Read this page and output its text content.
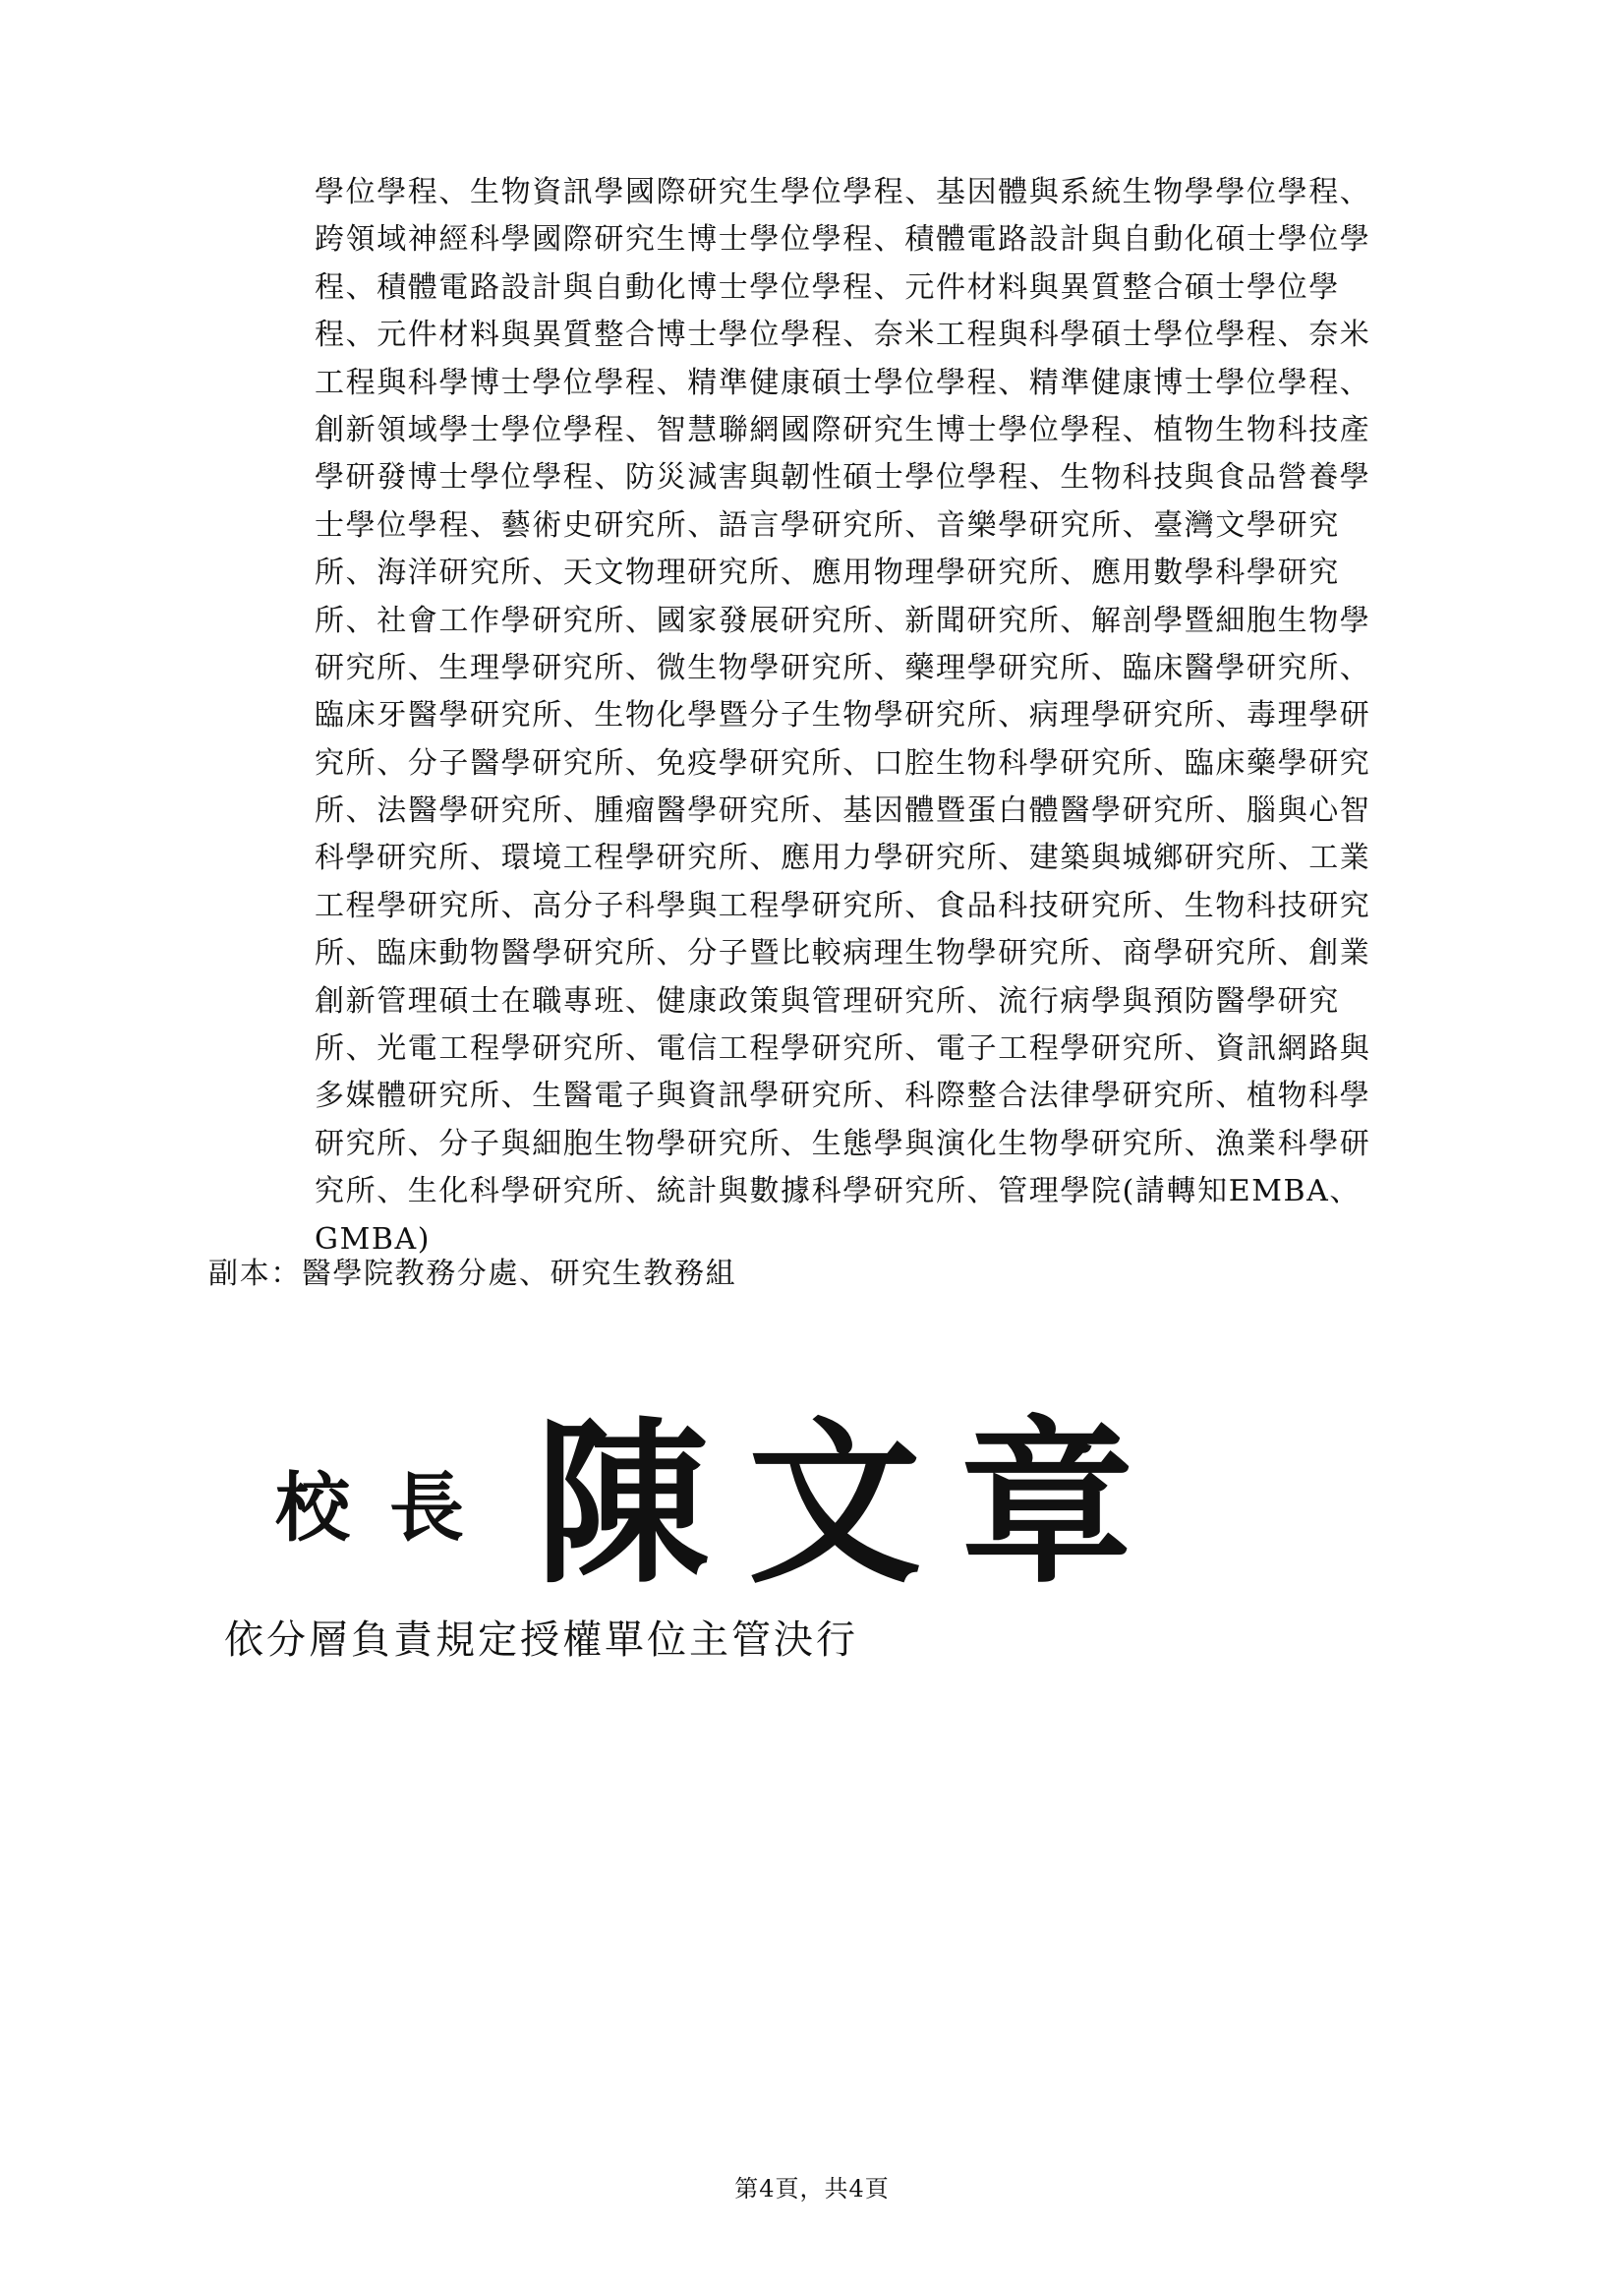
學位學程、生物資訊學國際研究生學位學程、基因體與系統生物學學位學程、
跨領域神經科學國際研究生博士學位學程、積體電路設計與自動化碩士學位學
程、積體電路設計與自動化博士學位學程、元件材料與異質整合碩士學位學
程、元件材料與異質整合博士學位學程、奈米工程與科學碩士學位學程、奈米
工程與科學博士學位學程、精準健康碩士學位學程、精準健康博士學位學程、
創新領域學士學位學程、智慧聯網國際研究生博士學位學程、植物生物科技產
學研發博士學位學程、防災減害與韌性碩士學位學程、生物科技與食品營養學
士學位學程、藝術史研究所、語言學研究所、音樂學研究所、臺灣文學研究
所、海洋研究所、天文物理研究所、應用物理學研究所、應用數學科學研究
所、社會工作學研究所、國家發展研究所、新聞研究所、解剖學暨細胞生物學
研究所、生理學研究所、微生物學研究所、藥理學研究所、臨床醫學研究所、
臨床牙醫學研究所、生物化學暨分子生物學研究所、病理學研究所、毒理學研
究所、分子醫學研究所、免疫學研究所、口腔生物科學研究所、臨床藥學研究
所、法醫學研究所、腫瘤醫學研究所、基因體暨蛋白體醫學研究所、腦與心智
科學研究所、環境工程學研究所、應用力學研究所、建築與城鄉研究所、工業
工程學研究所、高分子科學與工程學研究所、食品科技研究所、生物科技研究
所、臨床動物醫學研究所、分子暨比較病理生物學研究所、商學研究所、創業
創新管理碩士在職專班、健康政策與管理研究所、流行病學與預防醫學研究
所、光電工程學研究所、電信工程學研究所、電子工程學研究所、資訊網路與
多媒體研究所、生醫電子與資訊學研究所、科際整合法律學研究所、植物科學
研究所、分子與細胞生物學研究所、生態學與演化生物學研究所、漁業科學研
究所、生化科學研究所、統計與數據科學研究所、管理學院(請轉知EMBA、
GMBA)
副本：醫學院教務分處、研究生教務組
校長 陳文章
依分層負責規定授權單位主管決行
第4頁，共4頁
